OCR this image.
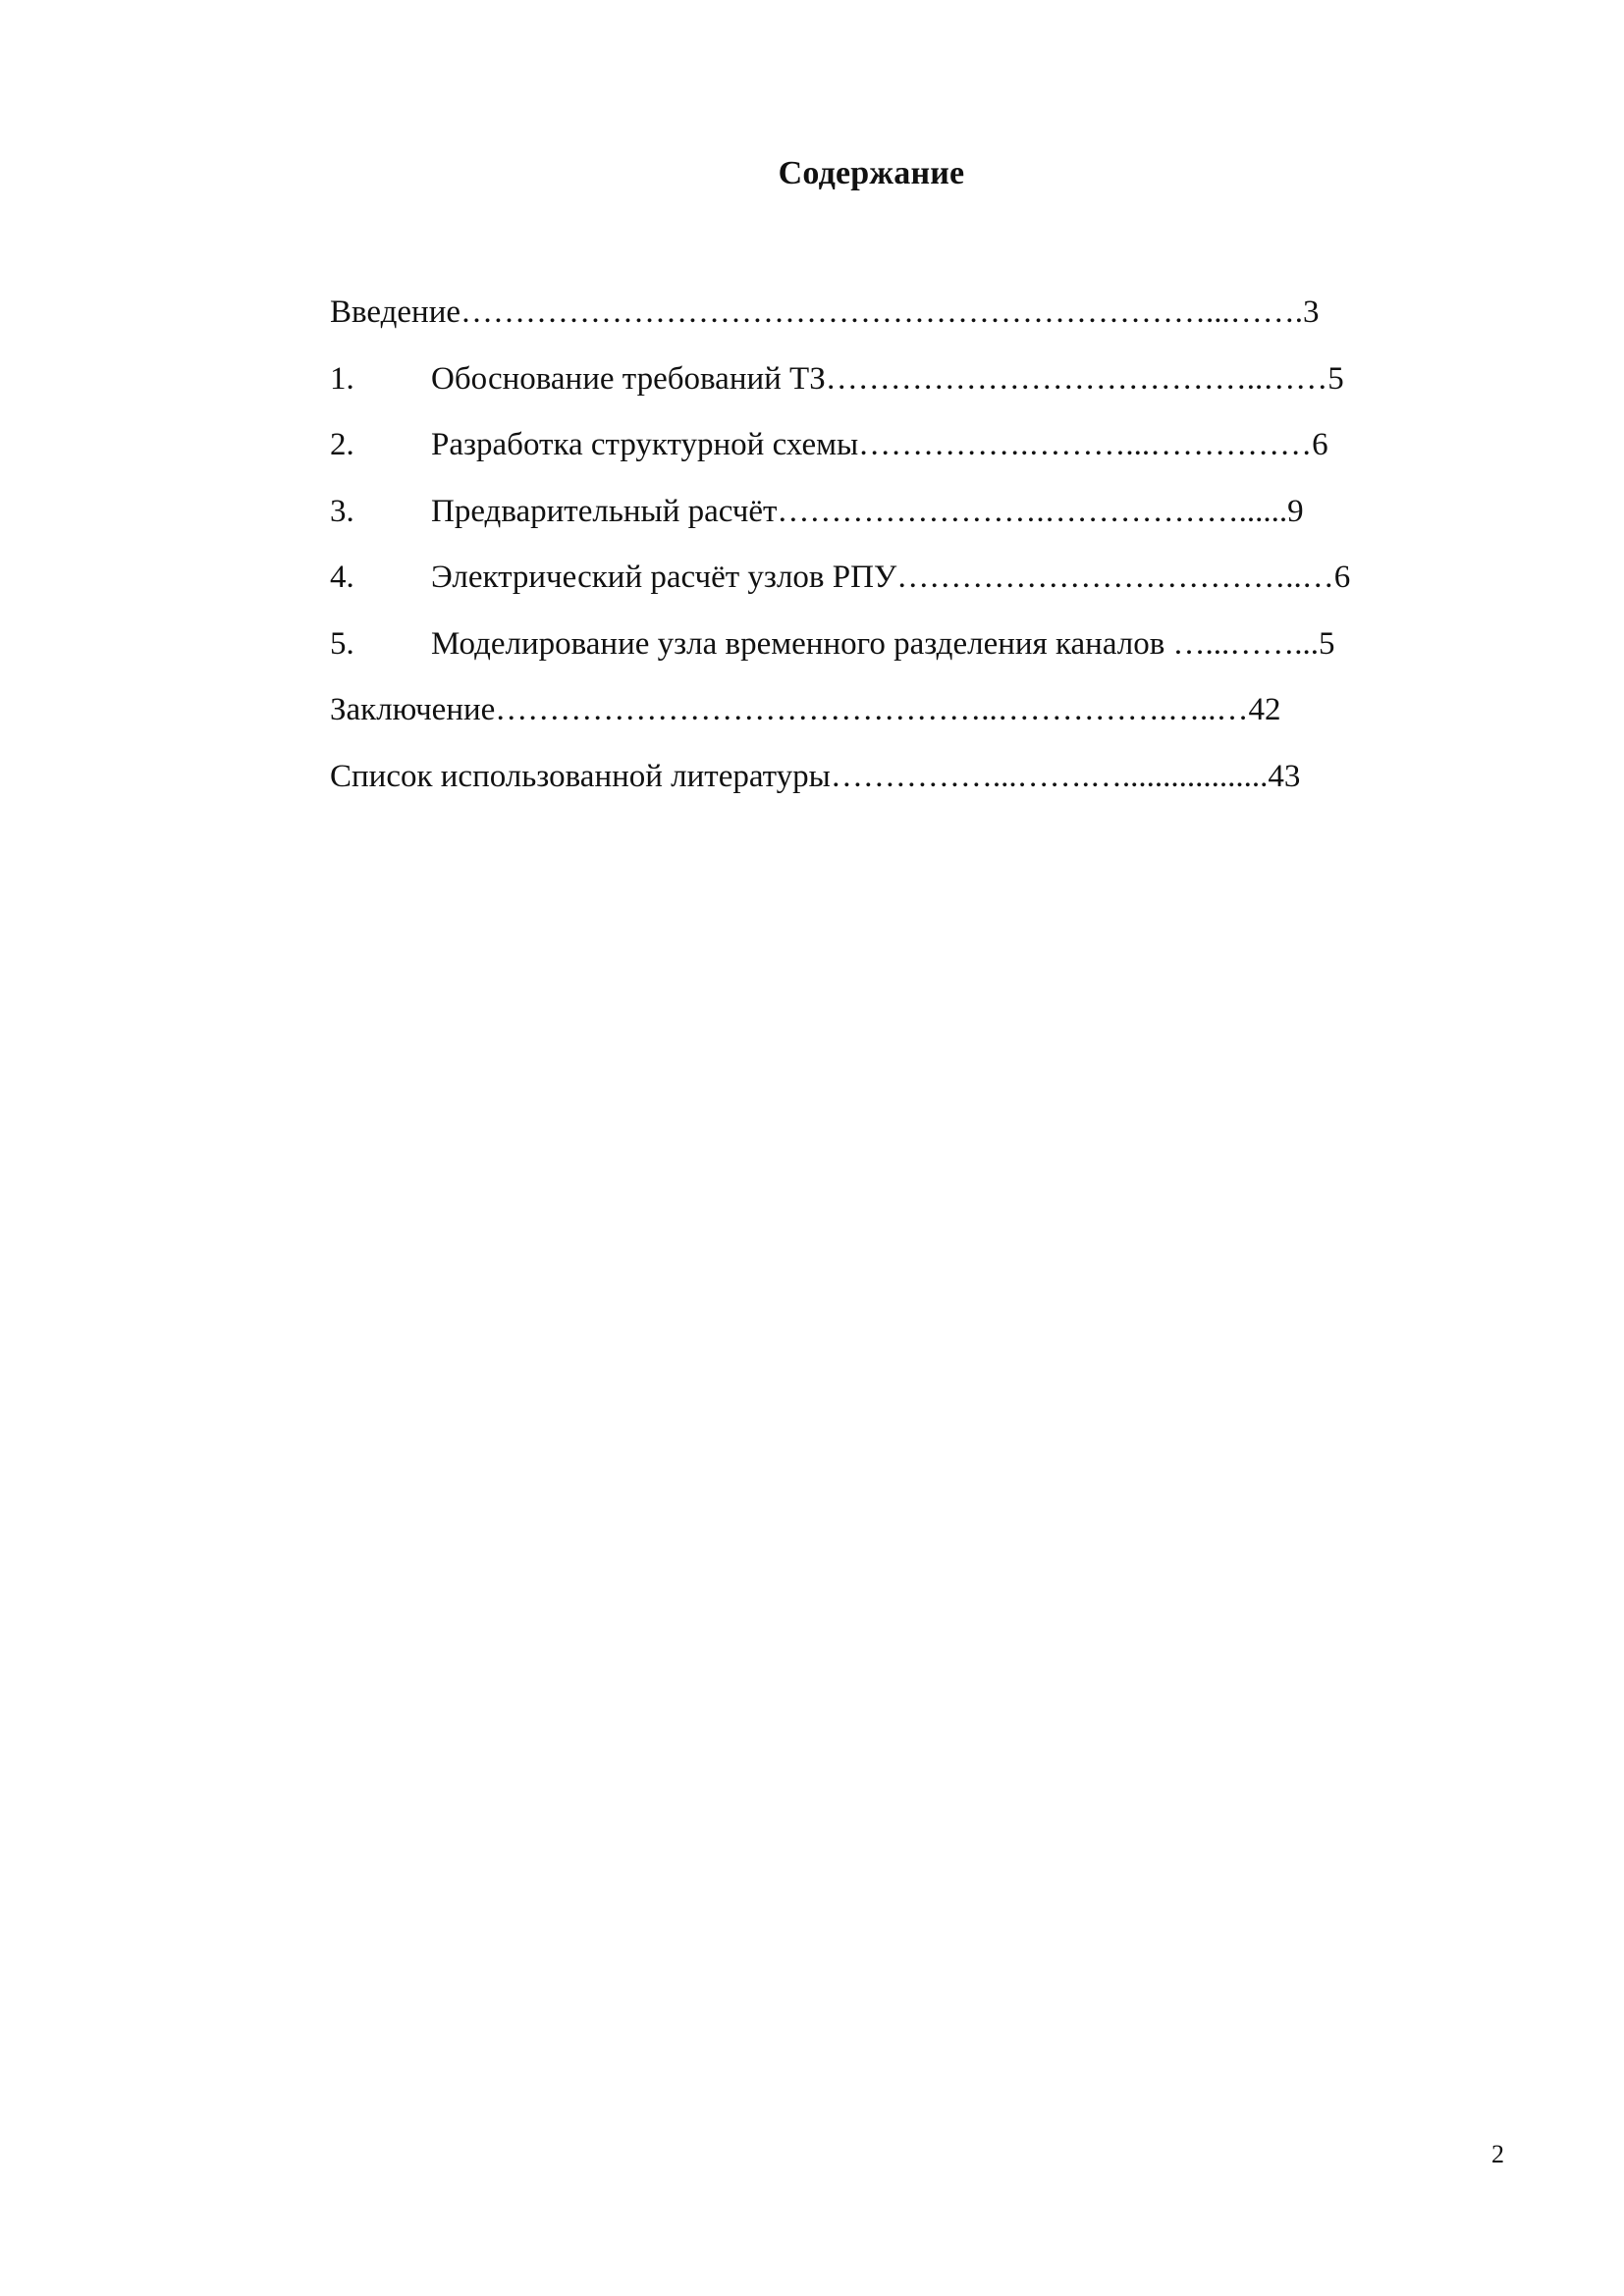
Содержание
Введение……………………………………………………………...…….3
1. Обоснование требований ТЗ…………………………………..……5
2. Разработка структурной схемы…………….………...……………6
3. Предварительный расчёт…………………….………………......9
4. Электрический расчёт узлов РПУ………………………………..…6
5. Моделирование узла временного разделения каналов …...……...5
Заключение………………………………………..…………….…..…42
Список использованной литературы……………...…….…..................43
2
